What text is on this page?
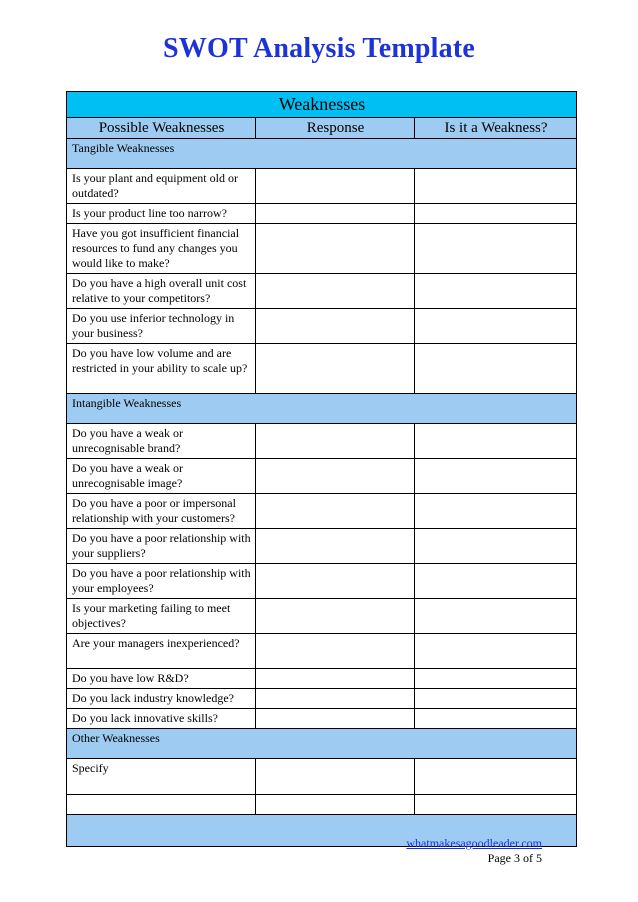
SWOT Analysis Template
Weaknesses		
Possible Weaknesses	Response	Is it a Weakness?
Tangible Weaknesses		
Is your plant and equipment old or outdated?		
Is your product line too narrow?		
Have you got insufficient financial resources to fund any changes you would like to make?		
Do you have a high overall unit cost relative to your competitors?		
Do you use inferior technology in your business?		
Do you have low volume and are restricted in your ability to scale up?		
Intangible Weaknesses		
Do you have a weak or unrecognisable brand?		
Do you have a weak or unrecognisable image?		
Do you have a poor or impersonal relationship with your customers?		
Do you have a poor relationship with your suppliers?		
Do you have a poor relationship with your employees?		
Is your marketing failing to meet objectives?		
Are your managers inexperienced?		
Do you have low R&D?		
Do you lack industry knowledge?		
Do you lack innovative skills?		
Other Weaknesses		
Specify		

whatmakesagoodleader.com
Page 3 of 5
